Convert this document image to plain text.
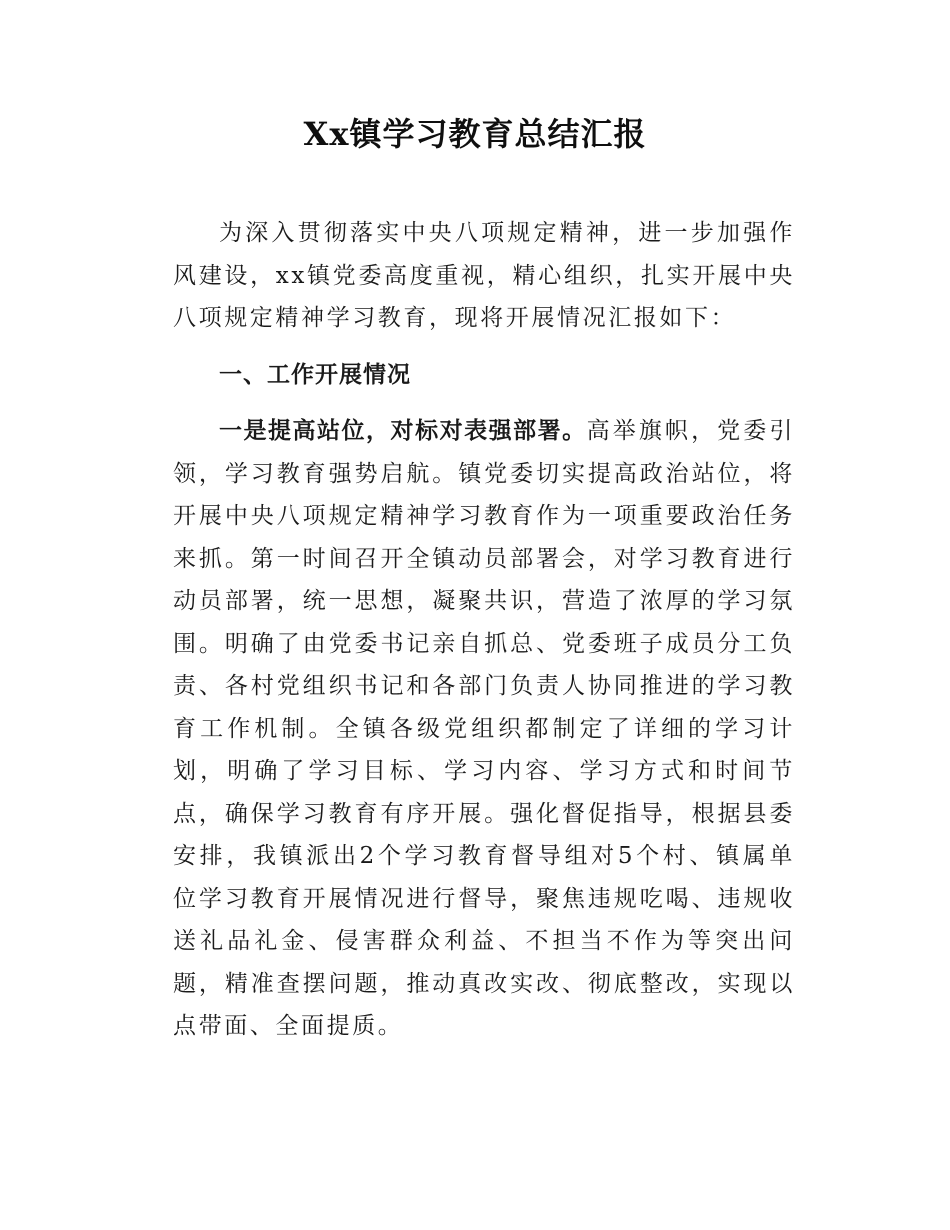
Xx镇学习教育总结汇报

为深入贯彻落实中央八项规定精神，进一步加强作风建设，xx镇党委高度重视，精心组织，扎实开展中央八项规定精神学习教育，现将开展情况汇报如下：

一、工作开展情况

一是提高站位，对标对表强部署。高举旗帜，党委引领，学习教育强势启航。镇党委切实提高政治站位，将开展中央八项规定精神学习教育作为一项重要政治任务来抓。第一时间召开全镇动员部署会，对学习教育进行动员部署，统一思想，凝聚共识，营造了浓厚的学习氛围。明确了由党委书记亲自抓总、党委班子成员分工负责、各村党组织书记和各部门负责人协同推进的学习教育工作机制。全镇各级党组织都制定了详细的学习计划，明确了学习目标、学习内容、学习方式和时间节点，确保学习教育有序开展。强化督促指导，根据县委安排，我镇派出2个学习教育督导组对5个村、镇属单位学习教育开展情况进行督导，聚焦违规吃喝、违规收送礼品礼金、侵害群众利益、不担当不作为等突出问题，精准查摆问题，推动真改实改、彻底整改，实现以点带面、全面提质。
